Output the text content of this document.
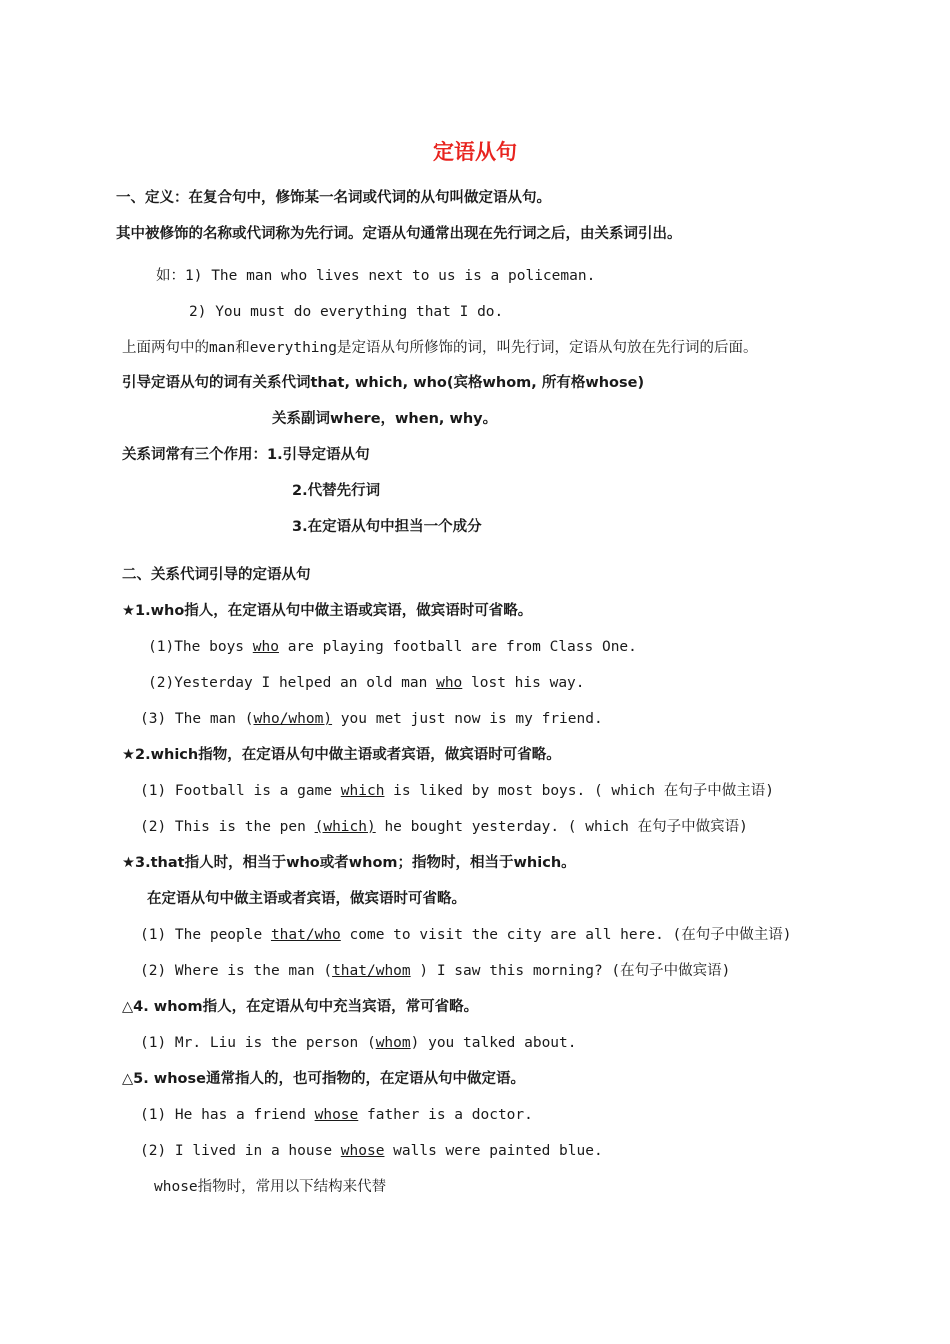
定语从句
一、定义：在复合句中，修饰某一名词或代词的从句叫做定语从句。
其中被修饰的名称或代词称为先行词。定语从句通常出现在先行词之后，由关系词引出。
如：1) The man who lives next to us is a policeman.
2) You must do everything that I do.
上面两句中的man和everything是定语从句所修饰的词，叫先行词，定语从句放在先行词的后面。
引导定语从句的词有关系代词that, which, who(宾格whom, 所有格whose)
关系副词where，when, why。
关系词常有三个作用：1.引导定语从句
2.代替先行词
3.在定语从句中担当一个成分
二、关系代词引导的定语从句
★1.who指人，在定语从句中做主语或宾语，做宾语时可省略。
(1)The boys who are playing football are from Class One.
(2)Yesterday I helped an old man who lost his way.
(3) The man (who/whom) you met just now is my friend.
★2.which指物，在定语从句中做主语或者宾语，做宾语时可省略。
(1) Football is a game which is liked by most boys. ( which 在句子中做主语)
(2) This is the pen (which) he bought yesterday. ( which 在句子中做宾语)
★3.that指人时，相当于who或者whom；指物时，相当于which。
在定语从句中做主语或者宾语，做宾语时可省略。
(1) The people that/who come to visit the city are all here. (在句子中做主语)
(2) Where is the man (that/whom ) I saw this morning? (在句子中做宾语)
△4. whom指人，在定语从句中充当宾语，常可省略。
(1) Mr. Liu is the person (whom) you talked about.
△5. whose通常指人的，也可指物的，在定语从句中做定语。
(1) He has a friend whose father is a doctor.
(2) I lived in a house whose walls were painted blue.
whose指物时，常用以下结构来代替
